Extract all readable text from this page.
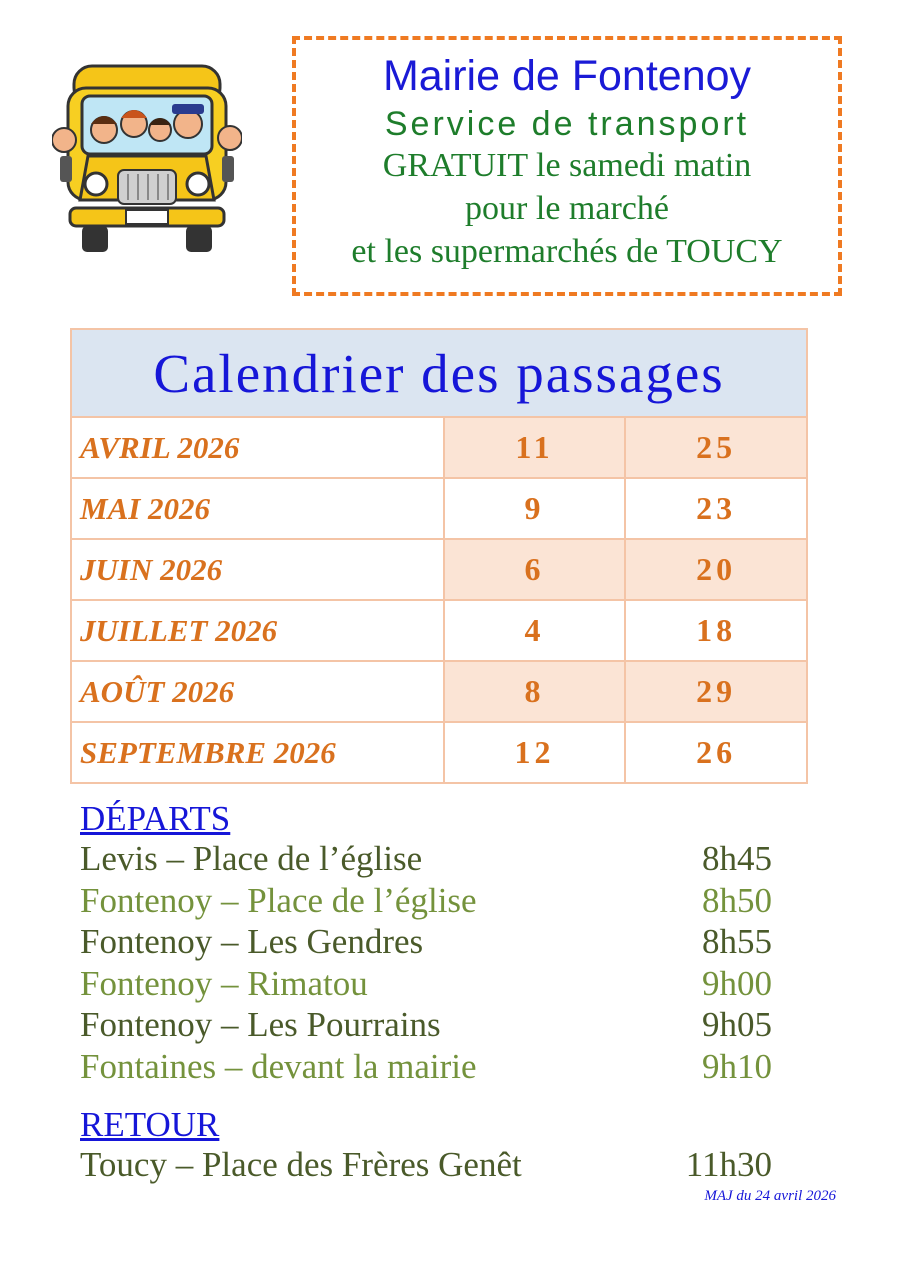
Mairie de Fontenoy
Service de transport
GRATUIT le samedi matin
pour le marché
et les supermarchés de TOUCY
Calendrier des passages		
AVRIL 2026	11	25
MAI 2026	9	23
JUIN 2026	6	20
JUILLET 2026	4	18
AOÛT 2026	8	29
SEPTEMBRE 2026	12	26
DÉPARTS
Levis – Place de l’église	8h45
Fontenoy – Place de l’église	8h50
Fontenoy – Les Gendres	8h55
Fontenoy – Rimatou	9h00
Fontenoy – Les Pourrains	9h05
Fontaines – devant la mairie	9h10
RETOUR
Toucy – Place des Frères Genêt	11h30
MAJ du 24 avril 2026
